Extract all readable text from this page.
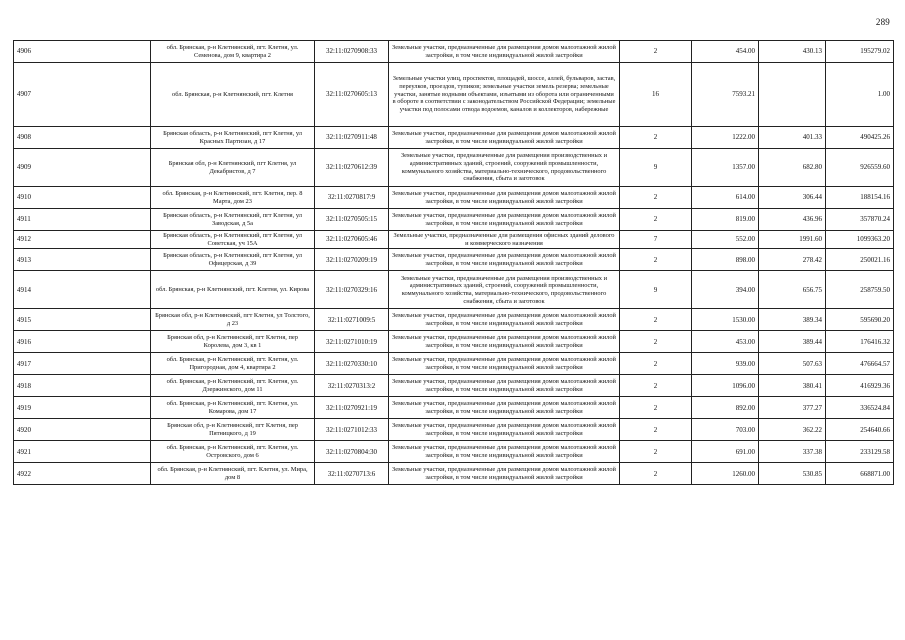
289
4906	обл. Брянская, р-н Клетнянский, пгт. Клетня, ул. Семенова, дом 9, квартира 2	32:11:0270908:33	Земельные участки, предназначенные для размещения домов малоэтажной жилой застройки, в том числе индивидуальной жилой застройки	2	454.00	430.13	195279.02
4907	обл. Брянская, р-н Клетнянский, пгт. Клетня	32:11:0270605:13	Земельные участки улиц, проспектов, площадей, шоссе, аллей, бульваров, застав, переулков, проездов, тупиков; земельные участки земель резерва; земельные участки, занятые водными объектами, изъятыми из оборота или ограниченными в обороте в соответствии с законодательством Российской Федерации; земельные участки под полосами отвода водоемов, каналов и коллекторов, набережные	16	7593.21		1.00
4908	Брянская область, р-н Клетнянский, пгт Клетня, ул Красных Партизан, д 17	32:11:0270911:48	Земельные участки, предназначенные для размещения домов малоэтажной жилой застройки, в том числе индивидуальной жилой застройки	2	1222.00	401.33	490425.26
4909	Брянская обл, р-н Клетнянский, пгт Клетня, ул Декабристов, д 7	32:11:0270612:39	Земельные участки, предназначенные для размещения производственных и административных зданий, строений, сооружений промышленности, коммунального хозяйства, материально-технического, продовольственного снабжения, сбыта и заготовок	9	1357.00	682.80	926559.60
4910	обл. Брянская, р-н Клетнянский, пгт. Клетня, пер. 8 Марта, дом 23	32:11:0270817:9	Земельные участки, предназначенные для размещения домов малоэтажной жилой застройки, в том числе индивидуальной жилой застройки	2	614.00	306.44	188154.16
4911	Брянская область, р-н Клетнянский, пгт Клетня, ул Заводская, д 5а	32:11:0270505:15	Земельные участки, предназначенные для размещения домов малоэтажной жилой застройки, в том числе индивидуальной жилой застройки	2	819.00	436.96	357870.24
4912	Брянская область, р-н Клетнянский, пгт Клетня, ул Советская, уч 15А	32:11:0270605:46	Земельные участки, предназначенные для размещения офисных зданий делового и коммерческого назначения	7	552.00	1991.60	1099363.20
4913	Брянская область, р-н Клетнянский, пгт Клетня, ул Офицерская, д 39	32:11:0270209:19	Земельные участки, предназначенные для размещения домов малоэтажной жилой застройки, в том числе индивидуальной жилой застройки	2	898.00	278.42	250021.16
4914	обл. Брянская, р-н Клетнянский, пгт. Клетня, ул. Кирова	32:11:0270329:16	Земельные участки, предназначенные для размещения производственных и административных зданий, строений, сооружений промышленности, коммунального хозяйства, материально-технического, продовольственного снабжения, сбыта и заготовок	9	394.00	656.75	258759.50
4915	Брянская обл, р-н Клетнянский, пгт Клетня, ул Толстого, д 23	32:11:0271009:5	Земельные участки, предназначенные для размещения домов малоэтажной жилой застройки, в том числе индивидуальной жилой застройки	2	1530.00	389.34	595690.20
4916	Брянская обл, р-н Клетнянский, пгт Клетня, пер Королева, дом 3, кв 1	32:11:0271010:19	Земельные участки, предназначенные для размещения домов малоэтажной жилой застройки, в том числе индивидуальной жилой застройки	2	453.00	389.44	176416.32
4917	обл. Брянская, р-н Клетнянский, пгт. Клетня, ул. Пригородная, дом 4, квартира 2	32:11:0270330:10	Земельные участки, предназначенные для размещения домов малоэтажной жилой застройки, в том числе индивидуальной жилой застройки	2	939.00	507.63	476664.57
4918	обл. Брянская, р-н Клетнянский, пгт. Клетня, ул. Дзержинского, дом 11	32:11:0270313:2	Земельные участки, предназначенные для размещения домов малоэтажной жилой застройки, в том числе индивидуальной жилой застройки	2	1096.00	380.41	416929.36
4919	обл. Брянская, р-н Клетнянский, пгт. Клетня, ул. Комарова, дом 17	32:11:0270921:19	Земельные участки, предназначенные для размещения домов малоэтажной жилой застройки, в том числе индивидуальной жилой застройки	2	892.00	377.27	336524.84
4920	Брянская обл, р-н Клетнянский, пгт Клетня, пер Пятницкого, д 19	32:11:0271012:33	Земельные участки, предназначенные для размещения домов малоэтажной жилой застройки, в том числе индивидуальной жилой застройки	2	703.00	362.22	254640.66
4921	обл. Брянская, р-н Клетнянский, пгт. Клетня, ул. Островского, дом 6	32:11:0270804:30	Земельные участки, предназначенные для размещения домов малоэтажной жилой застройки, в том числе индивидуальной жилой застройки	2	691.00	337.38	233129.58
4922	обл. Брянская, р-н Клетнянский, пгт. Клетня, ул. Мира, дом 8	32:11:0270713:6	Земельные участки, предназначенные для размещения домов малоэтажной жилой застройки, в том числе индивидуальной жилой застройки	2	1260.00	530.85	668871.00
